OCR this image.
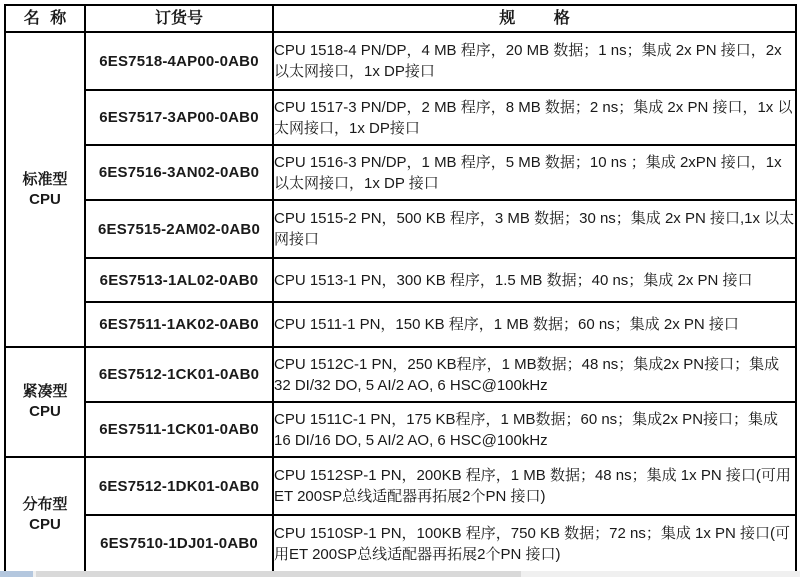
名 称	订货号	规 格

标准型
CPU	6ES7518-4AP00-0AB0	CPU 1518-4 PN/DP，4 MB 程序，20 MB 数据；1 ns；集成 2x PN 接口，2x 以太网接口，1x DP接口
	6ES7517-3AP00-0AB0	CPU 1517-3 PN/DP，2 MB 程序，8 MB 数据；2 ns；集成 2x PN 接口，1x 以太网接口，1x DP接口
	6ES7516-3AN02-0AB0	CPU 1516-3 PN/DP，1 MB 程序，5 MB 数据；10 ns ；集成 2xPN 接口，1x 以太网接口，1x DP 接口
	6ES7515-2AM02-0AB0	CPU 1515-2 PN，500 KB 程序，3 MB 数据；30 ns；集成 2x PN 接口,1x 以太网接口
	6ES7513-1AL02-0AB0	CPU 1513-1 PN，300 KB 程序，1.5 MB 数据；40 ns；集成 2x PN 接口
	6ES7511-1AK02-0AB0	CPU 1511-1 PN，150 KB 程序，1 MB 数据；60 ns；集成 2x PN 接口

紧凑型
CPU	6ES7512-1CK01-0AB0	CPU 1512C-1 PN，250 KB程序，1 MB数据；48 ns；集成2x PN接口；集成 32 DI/32 DO, 5 AI/2 AO, 6 HSC@100kHz
	6ES7511-1CK01-0AB0	CPU 1511C-1 PN，175 KB程序，1 MB数据；60 ns；集成2x PN接口；集成 16 DI/16 DO, 5 AI/2 AO, 6 HSC@100kHz

分布型
CPU	6ES7512-1DK01-0AB0	CPU 1512SP-1 PN，200KB 程序，1 MB 数据；48 ns；集成 1x PN 接口(可用ET 200SP总线适配器再拓展2个PN 接口)
	6ES7510-1DJ01-0AB0	CPU 1510SP-1 PN，100KB 程序，750 KB 数据；72 ns；集成 1x PN 接口(可用ET 200SP总线适配器再拓展2个PN 接口)
